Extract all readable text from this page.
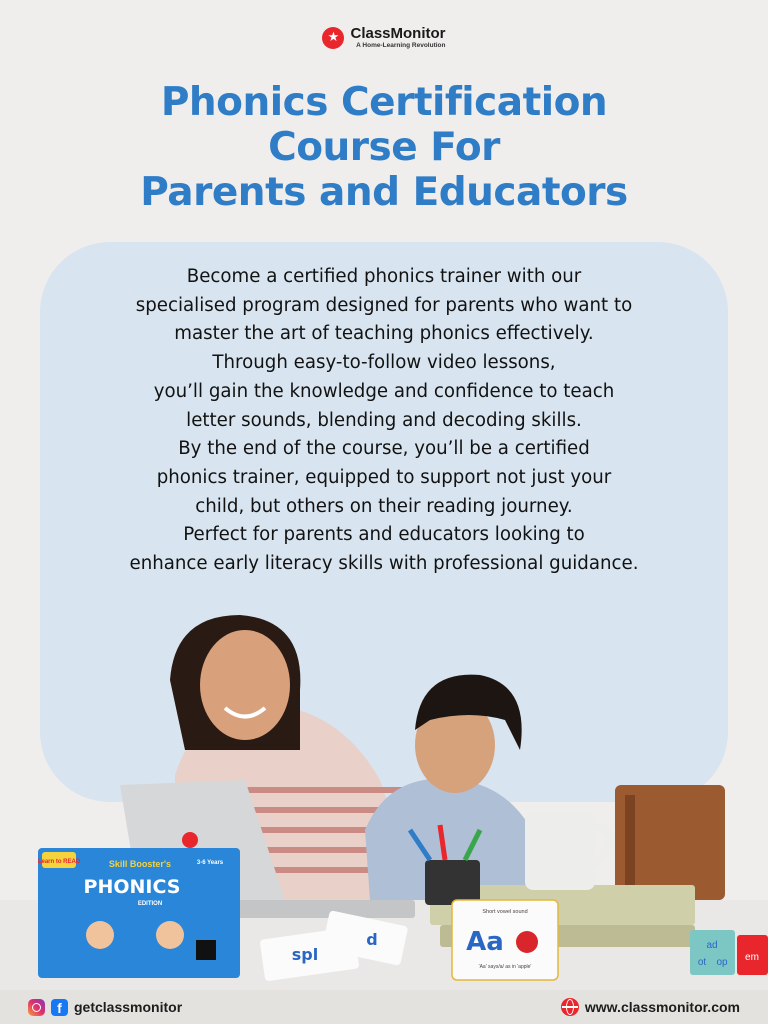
★ ClassMonitor
A Home-Learning Revolution
Phonics Certification
Course For
Parents and Educators
Become a certified phonics trainer with our
specialised program designed for parents who want to
master the art of teaching phonics effectively.
Through easy-to-follow video lessons,
you’ll gain the knowledge and confidence to teach
letter sounds, blending and decoding skills.
By the end of the course, you’ll be a certified
phonics trainer, equipped to support not just your
child, but others on their reading journey.
Perfect for parents and educators looking to
enhance early literacy skills with professional guidance.
Learn to READ	Skill Booster's
PHONICS
EDITION
3-6 Years
spl
d
Short vowel sound
Aa
'Aa' says/a/ as in 'apple'
ad
ot op em
f getclassmonitor	www.classmonitor.com
